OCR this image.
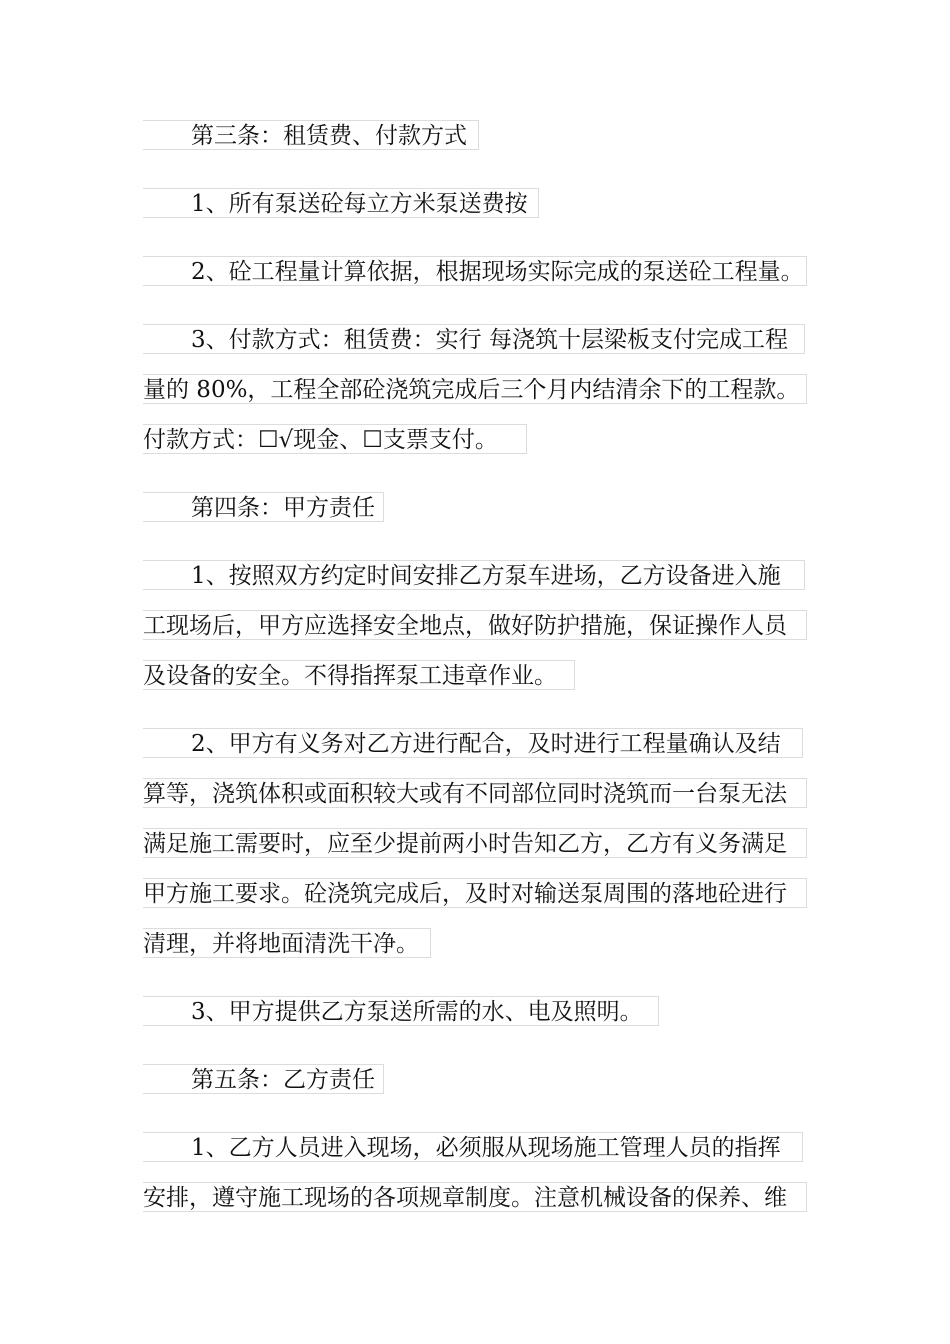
第三条：租赁费、付款方式
1、所有泵送砼每立方米泵送费按
2、砼工程量计算依据，根据现场实际完成的泵送砼工程量。
3、付款方式：租赁费：实行 每浇筑十层梁板支付完成工程
量的 80%，工程全部砼浇筑完成后三个月内结清余下的工程款。
付款方式：☐√现金、☐支票支付。
第四条：甲方责任
1、按照双方约定时间安排乙方泵车进场，乙方设备进入施
工现场后，甲方应选择安全地点，做好防护措施，保证操作人员
及设备的安全。不得指挥泵工违章作业。
2、甲方有义务对乙方进行配合，及时进行工程量确认及结
算等，浇筑体积或面积较大或有不同部位同时浇筑而一台泵无法
满足施工需要时，应至少提前两小时告知乙方，乙方有义务满足
甲方施工要求。砼浇筑完成后，及时对输送泵周围的落地砼进行
清理，并将地面清洗干净。
3、甲方提供乙方泵送所需的水、电及照明。
第五条：乙方责任
1、乙方人员进入现场，必须服从现场施工管理人员的指挥
安排，遵守施工现场的各项规章制度。注意机械设备的保养、维
